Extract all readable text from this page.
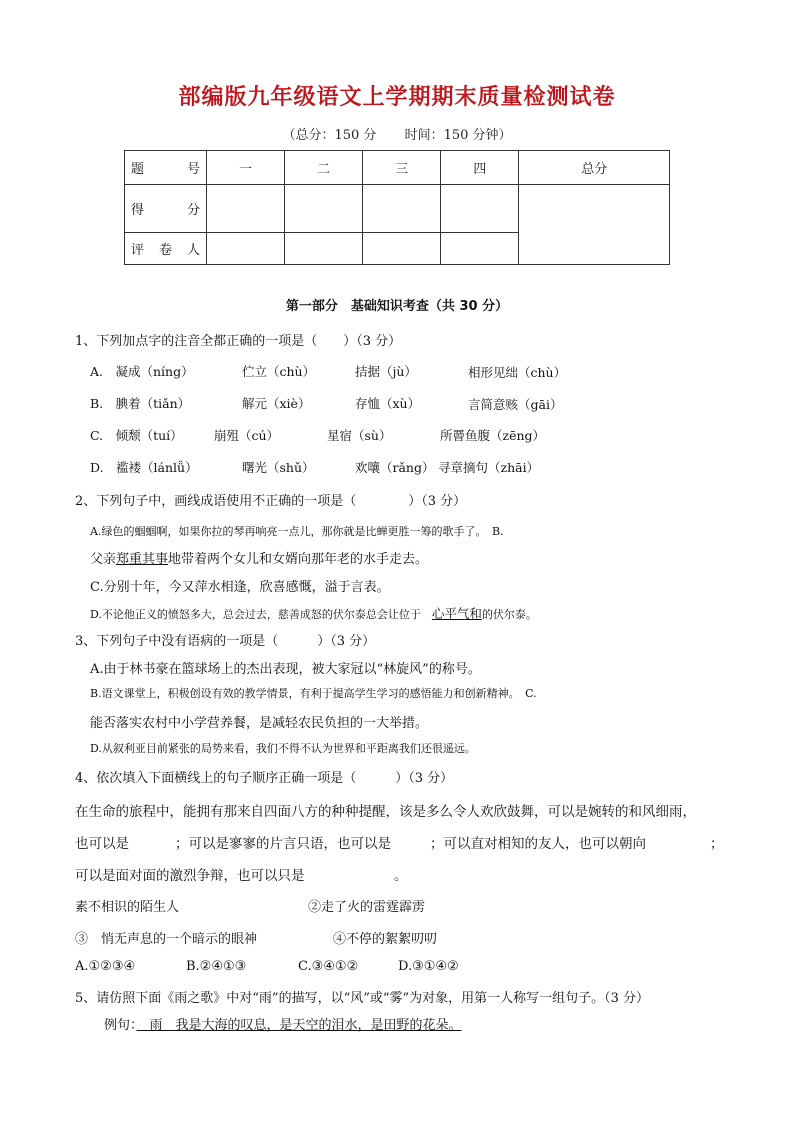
部编版九年级语文上学期期末质量检测试卷
（总分：150 分 时间：150 分钟）
题　　号	一	二	三	四	总分
得　　分					
评　卷　人					
第一部分　基础知识考查（共 30 分）
1、下列加点字的注音全都正确的一项是（　　）（3 分）
A.　凝成（níng）	伫立（chù）	拮据（jù）	相形见绌（chù）
B.　腆着（tiǎn）	解元（xiè）	存恤（xù）	言简意赅（gāi）
C.　倾颓（tuí）	崩殂（cú）	星宿（sù）	所罾鱼腹（zēng）
D.　褴褛（lánlǚ）	曙光（shǔ）	欢嚷（rǎng） 寻章摘句（zhāi）
2、下列句子中，画线成语使用不正确的一项是（　　　　）（3 分）
A.绿色的蝈蝈啊，如果你拉的琴再响亮一点儿，那你就是比蝉更胜一筹的歌手了。　B.
父亲郑重其事地带着两个女儿和女婿向那年老的水手走去。
C.分别十年，今又萍水相逢，欣喜感慨，溢于言表。
D.不论他正义的愤怒多大，总会过去，慈善成怒的伏尔泰总会让位于　心平气和的伏尔泰。
3、下列句子中没有语病的一项是（　　　）（3 分）
A.由于林书豪在篮球场上的杰出表现，被大家冠以“林旋风”的称号。
B.语文课堂上，积极创设有效的教学情景，有利于提高学生学习的感悟能力和创新精神。　C.
能否落实农村中小学营养餐，是减轻农民负担的一大举措。
D.从叙利亚目前紧张的局势来看，我们不得不认为世界和平距离我们还很遥远。
4、依次填入下面横线上的句子顺序正确一项是（　　　）（3 分）
在生命的旅程中，能拥有那来自四面八方的种种提醒，该是多么令人欢欣鼓舞，可以是婉转的和风细雨，
也可以是	；可以是寥寥的片言只语，也可以是	；可以直对相知的友人，也可以朝向	；
可以是面对面的激烈争辩，也可以只是	。
素不相识的陌生人	②走了火的雷霆霹雳
③　悄无声息的一个暗示的眼神	④不停的絮絮叨叨
A.①②③④	B.②④①③	C.③④①②	D.③①④②
5、请仿照下面《雨之歌》中对“雨”的描写，以“风”或“雾”为对象，用第一人称写一组句子。（3 分）
例句：　雨　我是大海的叹息，是天空的泪水，是田野的花朵。
